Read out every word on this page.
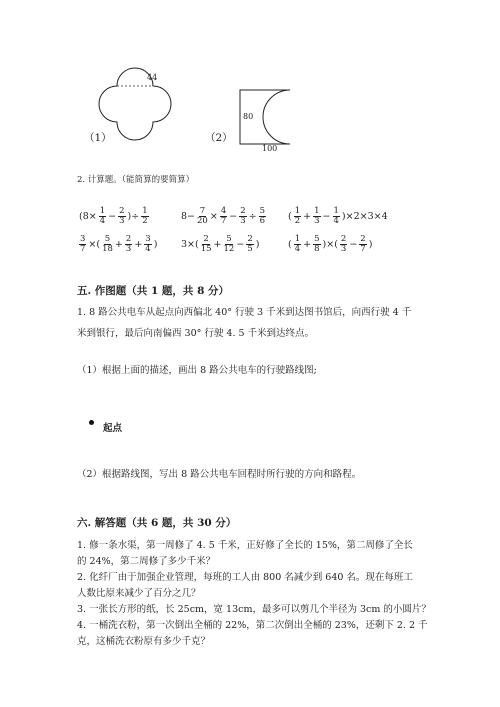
44
（1）	（2）
80
100
2. 计算题。（能简算的要简算）
($8\times \frac{1}{4} - \frac{2}{3}$ )÷ $\frac{1}{2}$	$8- \frac{7}{20} \times \frac{4}{7} - \frac{2}{3} \div \frac{5}{6}$ ( $\frac{1}{2} + \frac{1}{3} - \frac{1}{4} )\times 2\times 3\times 4$
$\frac{3}{7}$ ×( $\frac{5}{18} + \frac{2}{3} + \frac{3}{4}$ ) $3\times( \frac{2}{15} + \frac{5}{12} - \frac{2}{5}$ )	( $\frac{1}{4} + \frac{5}{8}$ )×( $\frac{2}{3} - \frac{2}{7}$ )
五. 作图题（共 1 题，共 8 分）
1. 8 路公共电车从起点向西偏北 40° 行驶 3 千米到达图书馆后，向西行驶 4 千
米到银行，最后向南偏西 30° 行驶 4. 5 千米到达终点。
（1）根据上面的描述，画出 8 路公共电车的行驶路线图;
起点
（2）根据路线图，写出 8 路公共电车回程时所行驶的方向和路程。
六. 解答题（共 6 题，共 30 分）
1. 修一条水渠，第一周修了 4. 5 千米，正好修了全长的 15%，第二周修了全长
的 24%，第二周修了多少千米？
2. 化纤厂由于加强企业管理，每班的工人由 800 名减少到 640 名。现在每班工
人数比原来减少了百分之几？
3. 一张长方形的纸，长 25cm，宽 13cm，最多可以剪几个半径为 3cm 的小圆片？
4. 一桶洗衣粉，第一次倒出全桶的 22%，第二次倒出全桶的 23%，还剩下 2. 2 千
克，这桶洗衣粉原有多少千克？
